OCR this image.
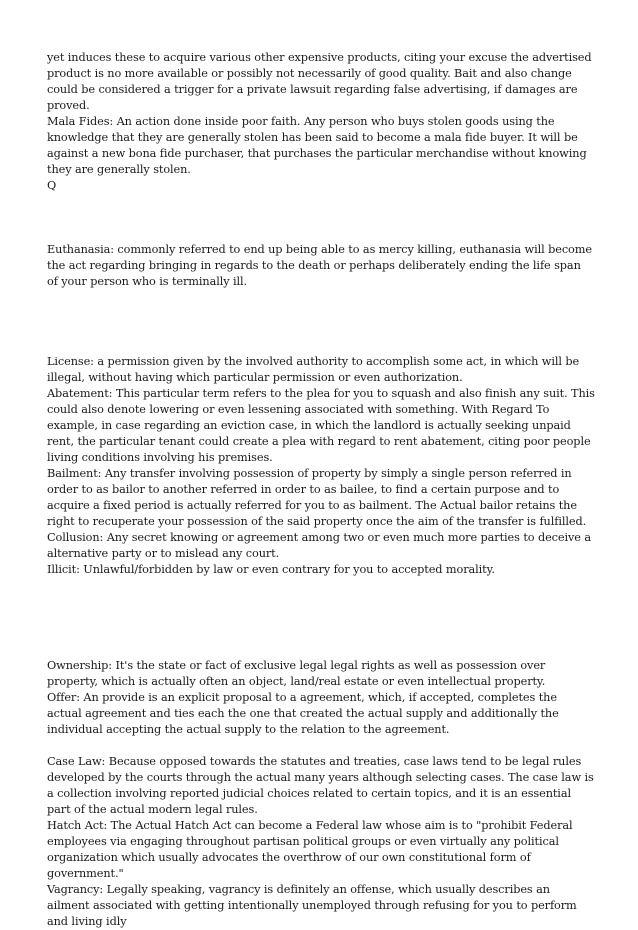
yet induces these to acquire various other expensive products, citing your excuse the advertised product is no more available or possibly not necessarily of good quality. Bait and also change could be considered a trigger for a private lawsuit regarding false advertising, if damages are proved.

Mala Fides: An action done inside poor faith. Any person who buys stolen goods using the knowledge that they are generally stolen has been said to become a mala fide buyer. It will be against a new bona fide purchaser, that purchases the particular merchandise without knowing they are generally stolen.

Q

Euthanasia: commonly referred to end up being able to as mercy killing, euthanasia will become the act regarding bringing in regards to the death or perhaps deliberately ending the life span of your person who is terminally ill.

License: a permission given by the involved authority to accomplish some act, in which will be illegal, without having which particular permission or even authorization.

Abatement: This particular term refers to the plea for you to squash and also finish any suit. This could also denote lowering or even lessening associated with something. With Regard To example, in case regarding an eviction case, in which the landlord is actually seeking unpaid rent, the particular tenant could create a plea with regard to rent abatement, citing poor people living conditions involving his premises.

Bailment: Any transfer involving possession of property by simply a single person referred in order to as bailor to another referred in order to as bailee, to find a certain purpose and to acquire a fixed period is actually referred for you to as bailment. The Actual bailor retains the right to recuperate your possession of the said property once the aim of the transfer is fulfilled.

Collusion: Any secret knowing or agreement among two or even much more parties to deceive a alternative party or to mislead any court.

Illicit: Unlawful/forbidden by law or even contrary for you to accepted morality.

Ownership: It's the state or fact of exclusive legal legal rights as well as possession over property, which is actually often an object, land/real estate or even intellectual property.

Offer: An provide is an explicit proposal to a agreement, which, if accepted, completes the actual agreement and ties each the one that created the actual supply and additionally the individual accepting the actual supply to the relation to the agreement.

Case Law: Because opposed towards the statutes and treaties, case laws tend to be legal rules developed by the courts through the actual many years although selecting cases. The case law is a collection involving reported judicial choices related to certain topics, and it is an essential part of the actual modern legal rules.

Hatch Act: The Actual Hatch Act can become a Federal law whose aim is to "prohibit Federal employees via engaging throughout partisan political groups or even virtually any political organization which usually advocates the overthrow of our own constitutional form of government."

Vagrancy: Legally speaking, vagrancy is definitely an offense, which usually describes an ailment associated with getting intentionally unemployed through refusing for you to perform and living idly
